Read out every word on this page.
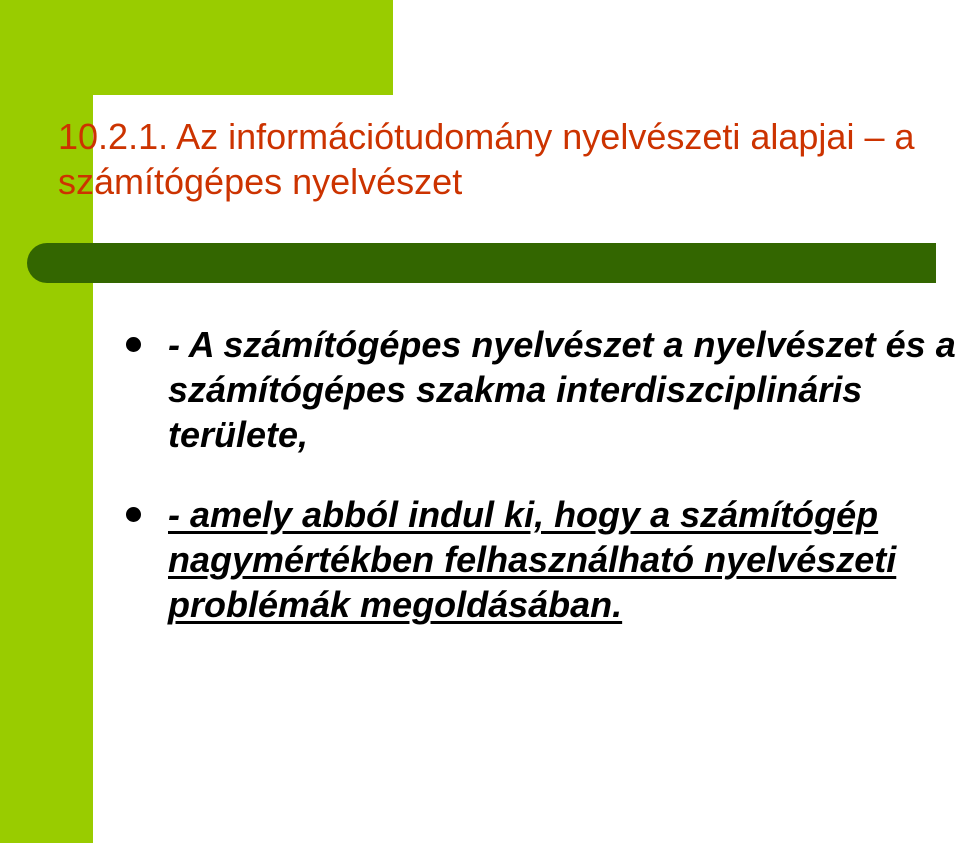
10.2.1. Az információtudomány nyelvészeti alapjai – a számítógépes nyelvészet
- A számítógépes nyelvészet a nyelvészet és a számítógépes szakma interdiszciplináris területe,
- amely abból indul ki, hogy a számítógép nagymértékben felhasználható nyelvészeti problémák megoldásában.
